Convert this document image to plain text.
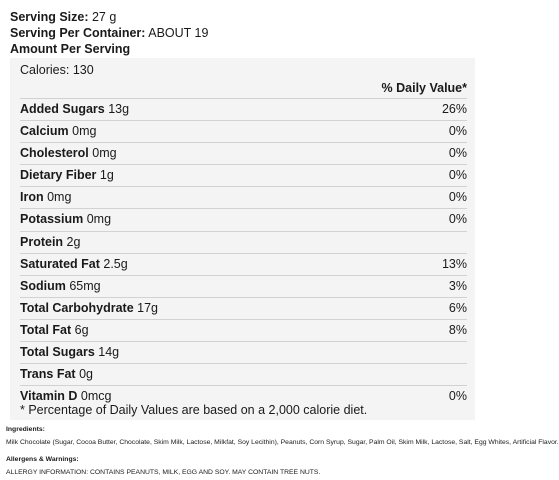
Serving Size: 27 g
Serving Per Container: ABOUT 19
Amount Per Serving
Calories: 130
% Daily Value*
Added Sugars 13g	26%
Calcium 0mg	0%
Cholesterol 0mg	0%
Dietary Fiber 1g	0%
Iron 0mg	0%
Potassium 0mg	0%
Protein 2g
Saturated Fat 2.5g	13%
Sodium 65mg	3%
Total Carbohydrate 17g	6%
Total Fat 6g	8%
Total Sugars 14g
Trans Fat 0g
Vitamin D 0mcg	0%
* Percentage of Daily Values are based on a 2,000 calorie diet.
Ingredients:
Milk Chocolate (Sugar, Cocoa Butter, Chocolate, Skim Milk, Lactose, Milkfat, Soy Lecithin), Peanuts, Corn Syrup, Sugar, Palm Oil, Skim Milk, Lactose, Salt, Egg Whites, Artificial Flavor.
Allergens & Warnings:
ALLERGY INFORMATION: CONTAINS PEANUTS, MILK, EGG AND SOY. MAY CONTAIN TREE NUTS.
